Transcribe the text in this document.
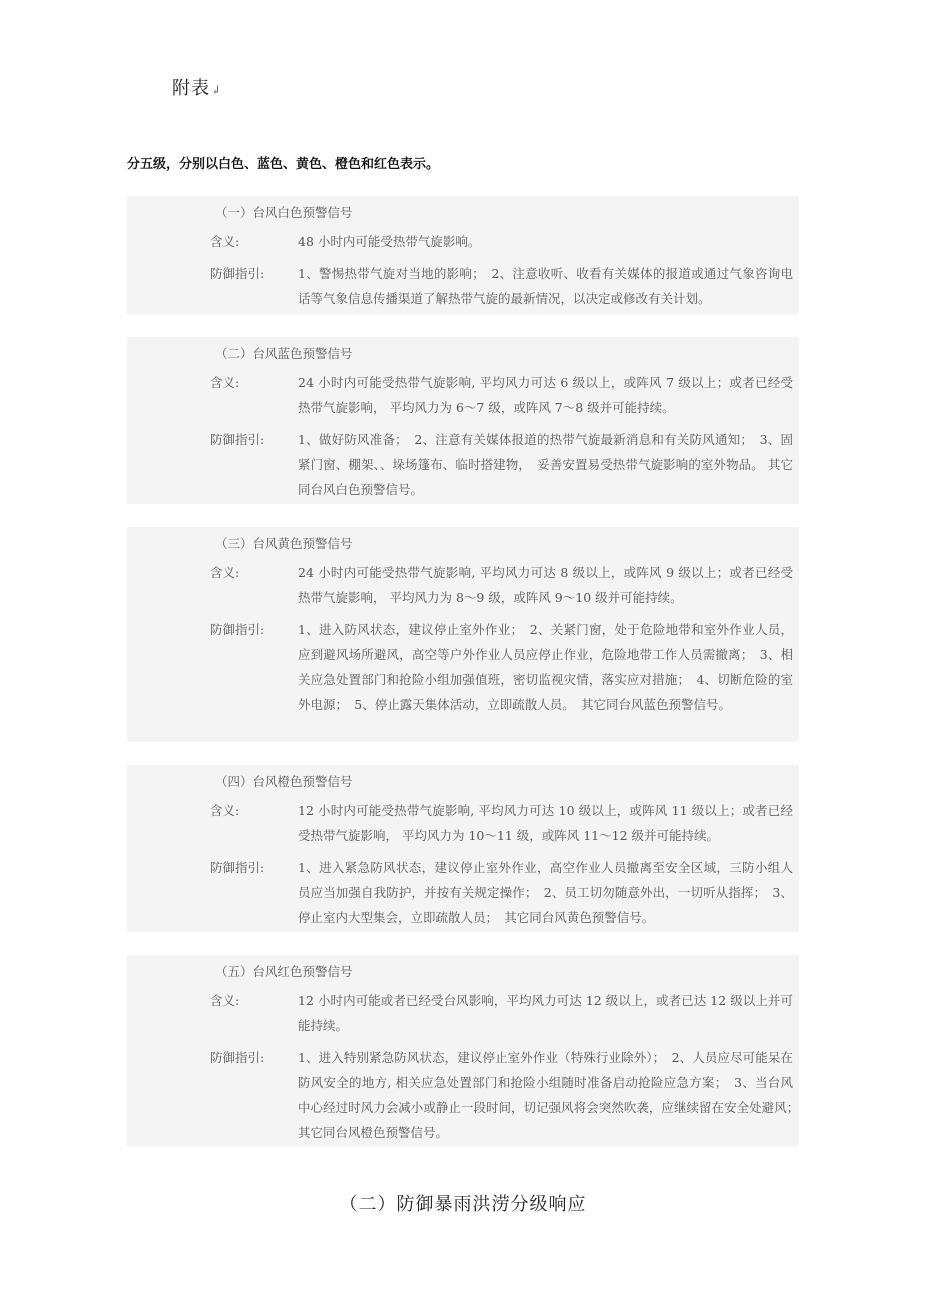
附表↲
分五级，分别以白色、蓝色、黄色、橙色和红色表示。
（一）台风白色预警信号
含义:	48 小时内可能受热带气旋影响。
防御指引:	1、警惕热带气旋对当地的影响；　2、注意收听、收看有关媒体的报道或通过气象咨询电话等气象信息传播渠道了解热带气旋的最新情况，以决定或修改有关计划。
（二）台风蓝色预警信号
含义:	24 小时内可能受热带气旋影响, 平均风力可达 6 级以上，或阵风 7 级以上；或者已经受热带气旋影响， 平均风力为 6～7 级，或阵风 7～8 级并可能持续。
防御指引:	1、做好防风准备；　2、注意有关媒体报道的热带气旋最新消息和有关防风通知；　3、固紧门窗、棚架、、垛场篷布、临时搭建物，　妥善安置易受热带气旋影响的室外物品。 其它同台风白色预警信号。
（三）台风黄色预警信号
含义:	24 小时内可能受热带气旋影响, 平均风力可达 8 级以上，或阵风 9 级以上；或者已经受热带气旋影响， 平均风力为 8～9 级，或阵风 9～10 级并可能持续。
防御指引:	1、进入防风状态，建议停止室外作业；　2、关紧门窗，处于危险地带和室外作业人员，应到避风场所避风，高空等户外作业人员应停止作业，危险地带工作人员需撤离；　3、相关应急处置部门和抢险小组加强值班，密切监视灾情，落实应对措施；　4、切断危险的室外电源；　5、停止露天集体活动，立即疏散人员。　其它同台风蓝色预警信号。
（四）台风橙色预警信号
含义:	12 小时内可能受热带气旋影响, 平均风力可达 10 级以上，或阵风 11 级以上；或者已经受热带气旋影响， 平均风力为 10～11 级，或阵风 11～12 级并可能持续。
防御指引:	1、进入紧急防风状态，建议停止室外作业，高空作业人员撤离至安全区域，三防小组人员应当加强自我防护，并按有关规定操作；　2、员工切勿随意外出，一切听从指挥；　3、停止室内大型集会，立即疏散人员；　其它同台风黄色预警信号。
（五）台风红色预警信号
含义:	12 小时内可能或者已经受台风影响，平均风力可达 12 级以上，或者已达 12 级以上并可能持续。
防御指引:	1、进入特别紧急防风状态，建议停止室外作业（特殊行业除外）；　2、人员应尽可能呆在防风安全的地方, 相关应急处置部门和抢险小组随时准备启动抢险应急方案；　3、当台风中心经过时风力会减小或静止一段时间，切记强风将会突然吹袭，应继续留在安全处避风；　其它同台风橙色预警信号。
（二）防御暴雨洪涝分级响应
